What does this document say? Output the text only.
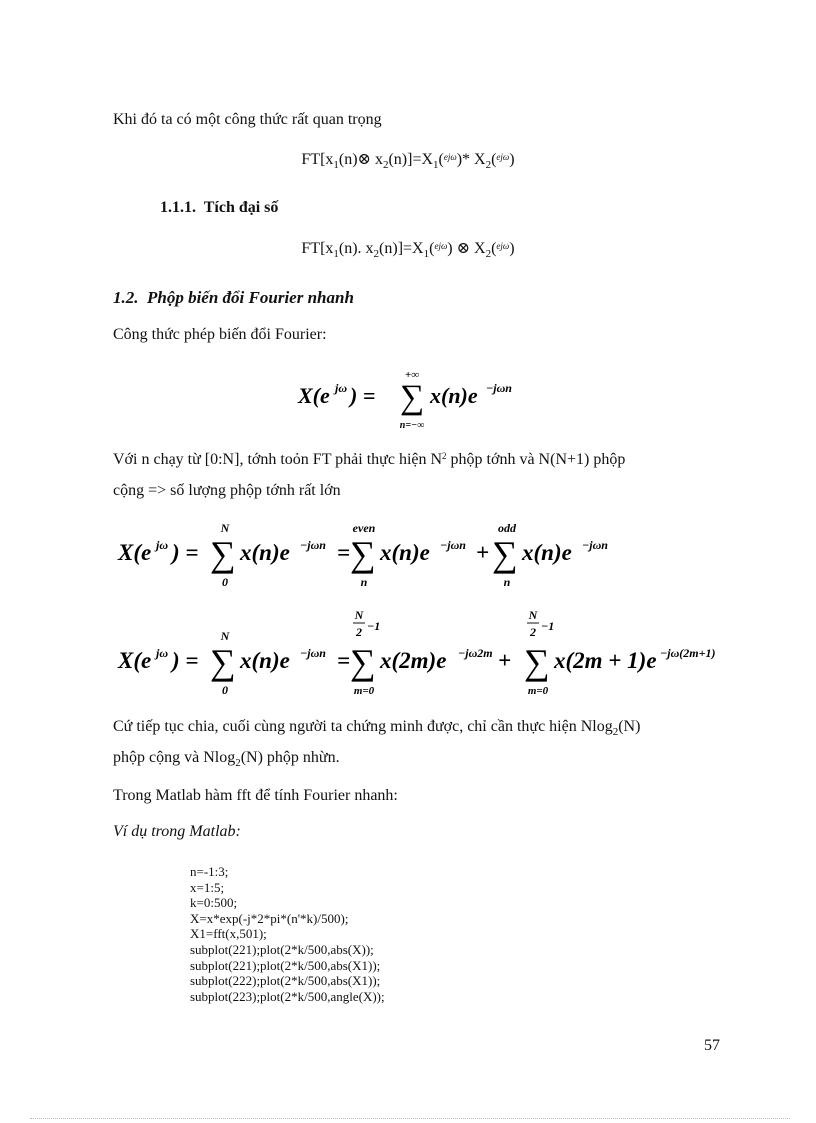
Khi đó ta có một công thức rất quan trọng
$FT[x_1(n)\otimes$ $x_2(n)]=X_1(^{ej\omega})*$ $X_2(^{ej\omega})$
1.1.1. Tích đại số
$FT[x_1(n)$. $x_2(n)]=X_1(^{ej\omega})$ ⊗ $X_2(^{ej\omega})$
1.2. Phộp biến đổi Fourier nhanh
Công thức phép biến đổi Fourier:
X(e jω ) =
+∞
∑
n=−∞
x(n)e −jωn
Với n chạy từ [0:N], tớnh toỏn FT phải thực hiện $N^2$ phộp tớnh và N(N+1) phộp
cộng => số lượng phộp tớnh rất lớn
X(e jω ) =
N
∑
0
x(n)e −jωn =
even
∑
n
x(n)e −jωn +
odd
∑
n
x(n)e −jωn
X(e jω ) =
N
∑
0
x(n)e −jωn =
N
2 −1
∑
m=0
x(2m)e −jω2m +
N
2 −1
∑
m=0
x(2m + 1)e −jω(2m+1)
Cứ tiếp tục chia, cuối cùng người ta chứng minh được, chỉ cần thực hiện Nlog$_2$(N)
phộp cộng và Nlog$_2$(N) phộp nhừn.
Trong Matlab hàm fft để tính Fourier nhanh:
Ví dụ trong Matlab:
n=-1:3;
x=1:5;
k=0:500;
X=x*exp(-j*2*pi*(n'*k)/500);
X1=fft(x,501);
subplot(221);plot(2*k/500,abs(X));
subplot(221);plot(2*k/500,abs(X1));
subplot(222);plot(2*k/500,abs(X1));
subplot(223);plot(2*k/500,angle(X));
57
